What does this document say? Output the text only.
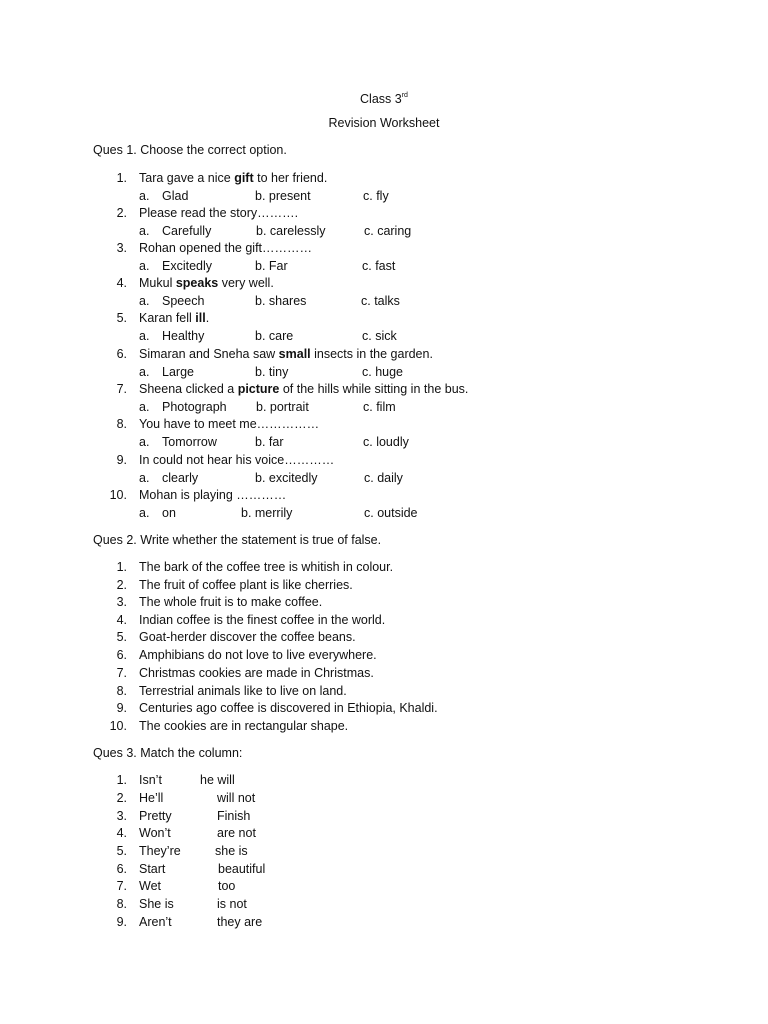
Class 3rd
Revision Worksheet
Ques 1. Choose the correct option.
1. Tara gave a nice gift to her friend.
a. Glad	b. present	c. fly
2. Please read the story……….
a. Carefully	b. carelessly	c. caring
3. Rohan opened the gift…………
a. Excitedly	b. Far	c. fast
4. Mukul speaks very well.
a. Speech	b. shares	c. talks
5. Karan fell ill.
a. Healthy	b. care	c. sick
6. Simaran and Sneha saw small insects in the garden.
a. Large	b. tiny	c. huge
7. Sheena clicked a picture of the hills while sitting in the bus.
a. Photograph b. portrait	c. film
8. You have to meet me……………
a. Tomorrow	b. far	c. loudly
9. In could not hear his voice…………
a. clearly	b. excitedly	c. daily
10. Mohan is playing …………
a. on	b. merrily	c. outside
Ques 2. Write whether the statement is true of false.
1. The bark of the coffee tree is whitish in colour.
2. The fruit of coffee plant is like cherries.
3. The whole fruit is to make coffee.
4. Indian coffee is the finest coffee in the world.
5. Goat-herder discover the coffee beans.
6. Amphibians do not love to live everywhere.
7. Christmas cookies are made in Christmas.
8. Terrestrial animals like to live on land.
9. Centuries ago coffee is discovered in Ethiopia, Khaldi.
10. The cookies are in rectangular shape.
Ques 3. Match the column:
1. Isn’t	he will
2. He’ll	will not
3. Pretty	Finish
4. Won’t	are not
5. They’re	she is
6. Start	beautiful
7. Wet	too
8. She is	is not
9. Aren’t	they are
